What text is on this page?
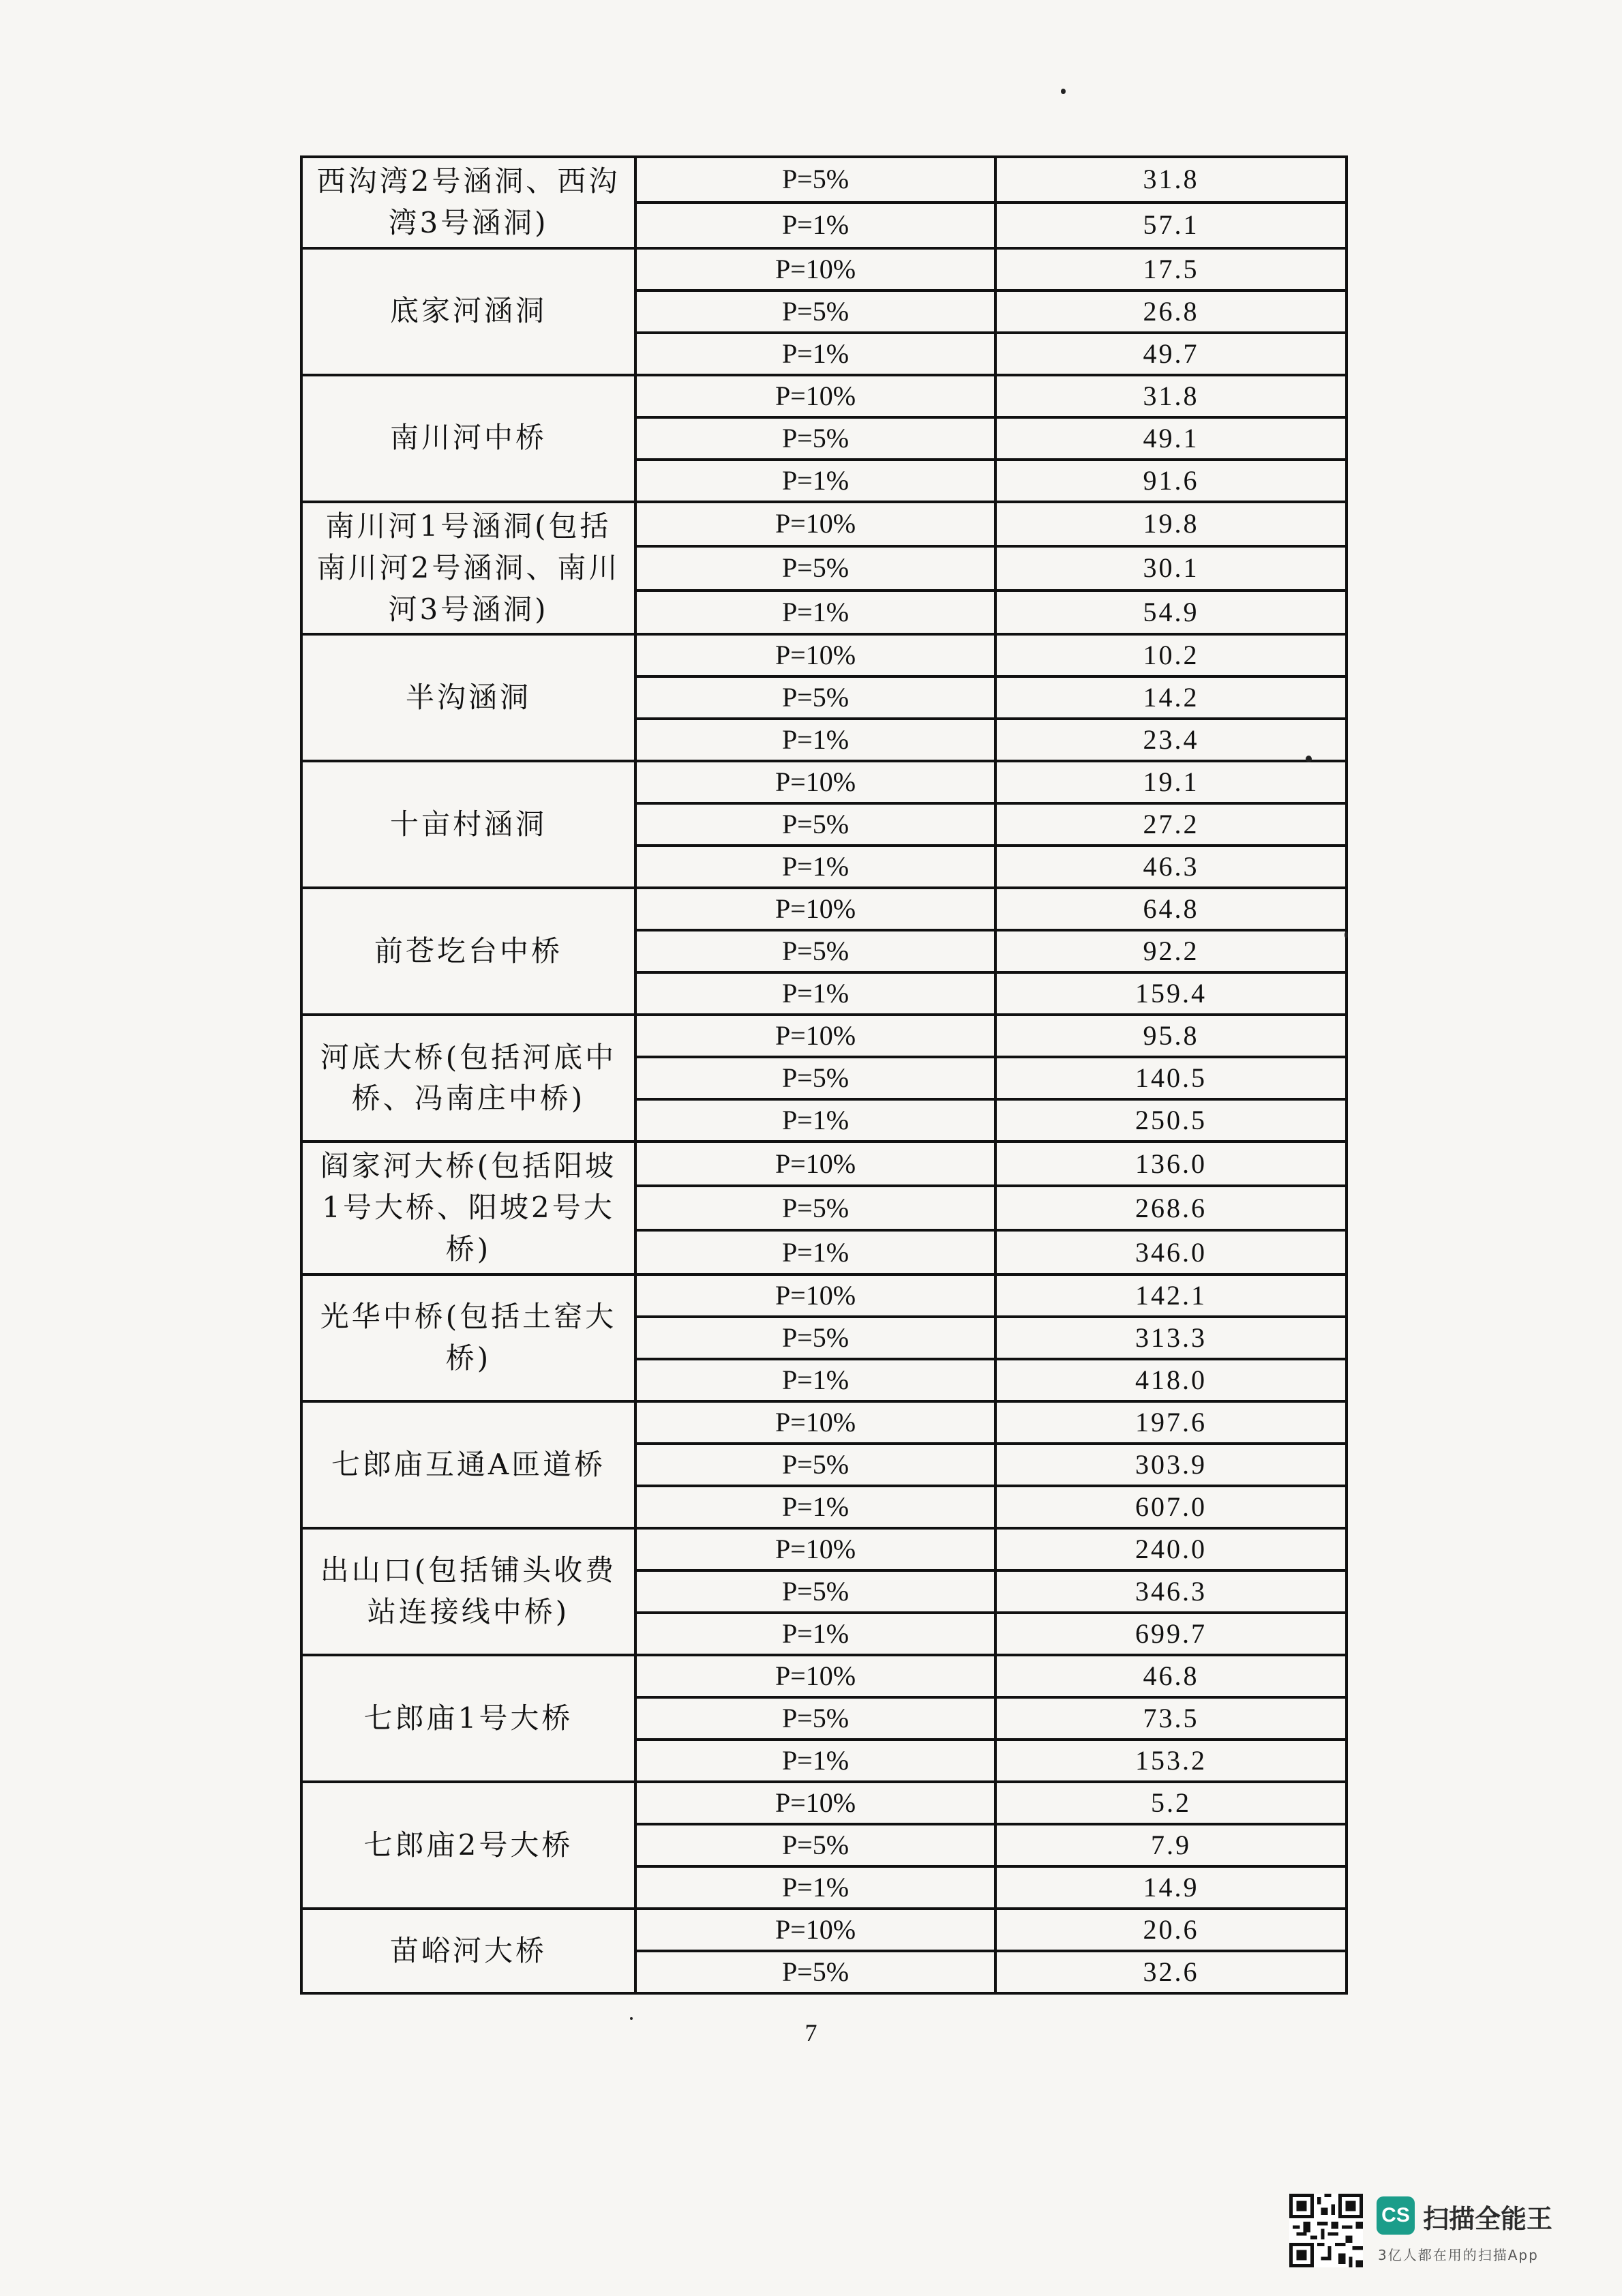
西沟湾2号涵洞、西沟湾3号涵洞)	P=5%	31.8
	P=1%	57.1
底家河涵洞	P=10%	17.5
	P=5%	26.8
	P=1%	49.7
南川河中桥	P=10%	31.8
	P=5%	49.1
	P=1%	91.6
南川河1号涵洞(包括南川河2号涵洞、南川河3号涵洞)	P=10%	19.8
	P=5%	30.1
	P=1%	54.9
半沟涵洞	P=10%	10.2
	P=5%	14.2
	P=1%	23.4
十亩村涵洞	P=10%	19.1
	P=5%	27.2
	P=1%	46.3
前苍圪台中桥	P=10%	64.8
	P=5%	92.2
	P=1%	159.4
河底大桥(包括河底中桥、冯南庄中桥)	P=10%	95.8
	P=5%	140.5
	P=1%	250.5
阎家河大桥(包括阳坡1号大桥、阳坡2号大桥)	P=10%	136.0
	P=5%	268.6
	P=1%	346.0
光华中桥(包括土窑大桥)	P=10%	142.1
	P=5%	313.3
	P=1%	418.0
七郎庙互通A匝道桥	P=10%	197.6
	P=5%	303.9
	P=1%	607.0
出山口(包括铺头收费站连接线中桥)	P=10%	240.0
	P=5%	346.3
	P=1%	699.7
七郎庙1号大桥	P=10%	46.8
	P=5%	73.5
	P=1%	153.2
七郎庙2号大桥	P=10%	5.2
	P=5%	7.9
	P=1%	14.9
苗峪河大桥	P=10%	20.6
	P=5%	32.6
7
CS 扫描全能王
3亿人都在用的扫描App
